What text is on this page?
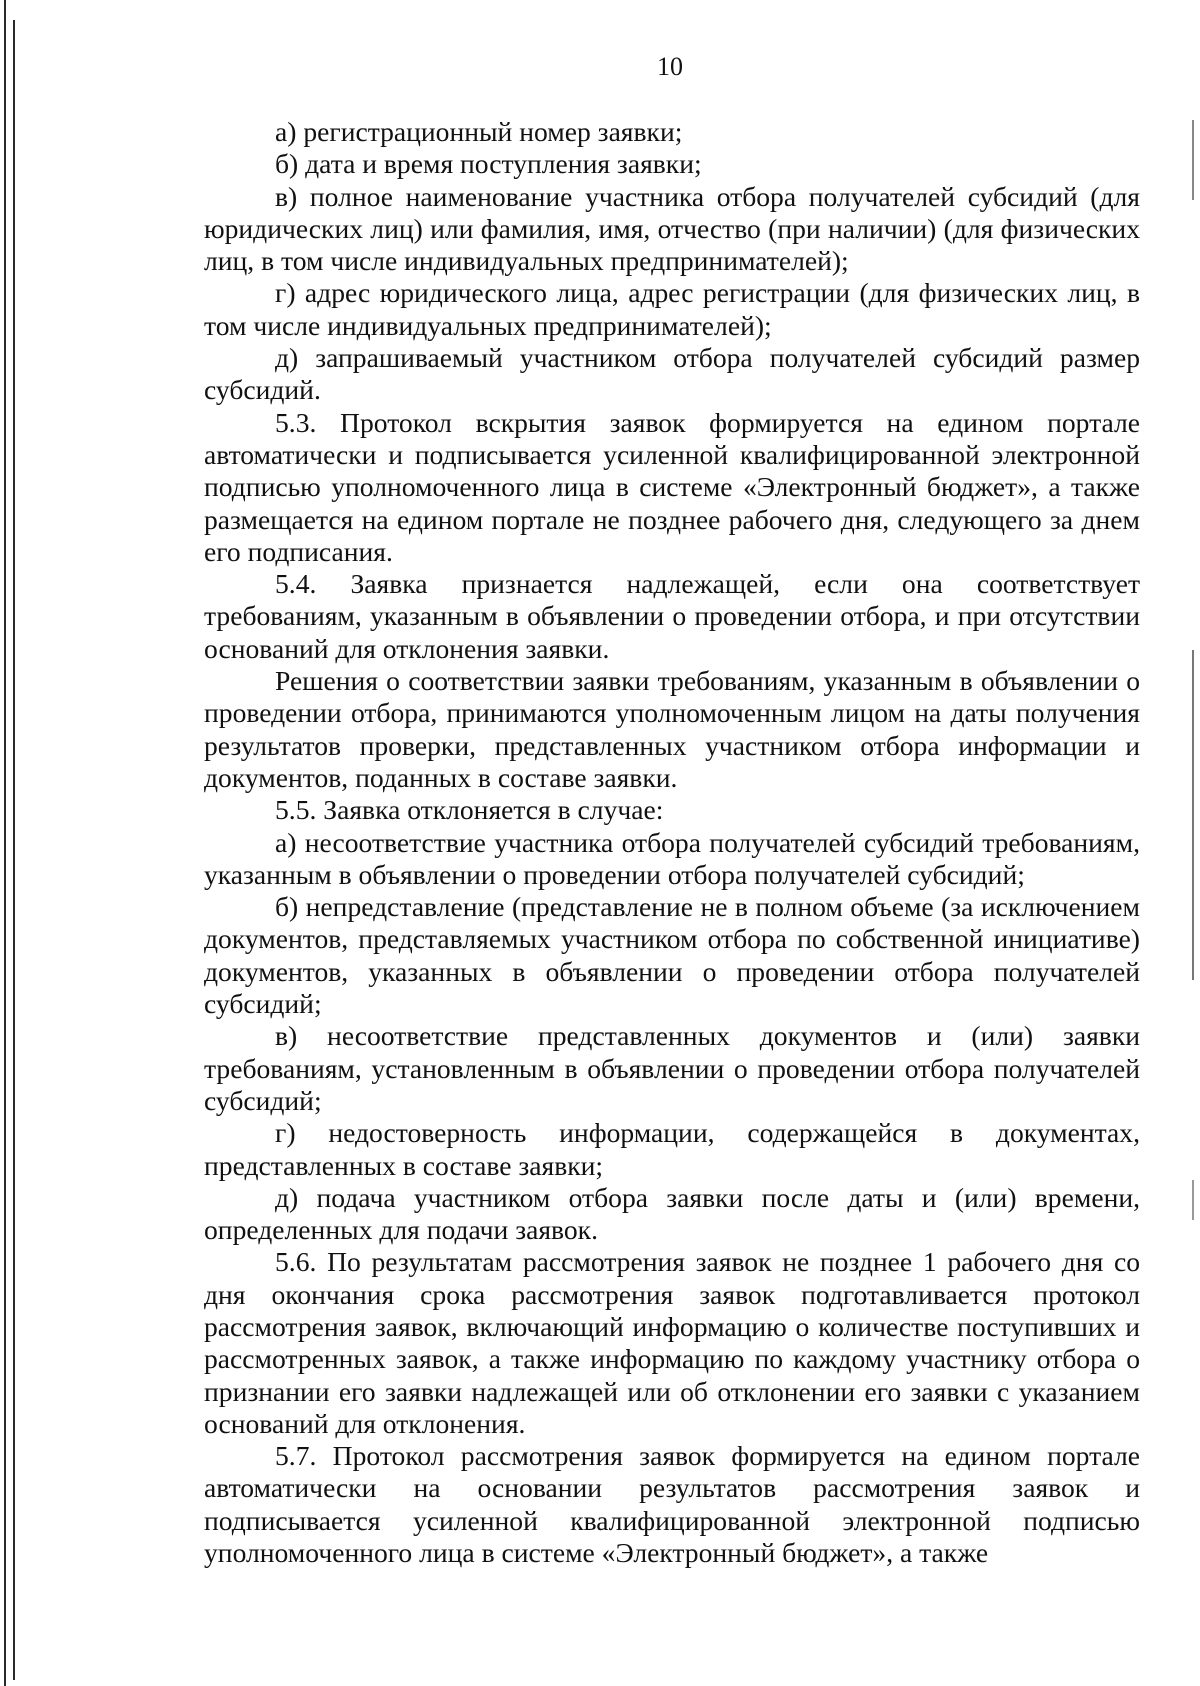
10

а) регистрационный номер заявки;

б) дата и время поступления заявки;

в) полное наименование участника отбора получателей субсидий (для юридических лиц) или фамилия, имя, отчество (при наличии) (для физических лиц, в том числе индивидуальных предпринимателей);

г) адрес юридического лица, адрес регистрации (для физических лиц, в том числе индивидуальных предпринимателей);

д) запрашиваемый участником отбора получателей субсидий размер субсидий.

5.3. Протокол вскрытия заявок формируется на едином портале автоматически и подписывается усиленной квалифицированной электронной подписью уполномоченного лица в системе «Электронный бюджет», а также размещается на едином портале не позднее рабочего дня, следующего за днем его подписания.

5.4. Заявка признается надлежащей, если она соответствует требованиям, указанным в объявлении о проведении отбора, и при отсутствии оснований для отклонения заявки.

Решения о соответствии заявки требованиям, указанным в объявлении о проведении отбора, принимаются уполномоченным лицом на даты получения результатов проверки, представленных участником отбора информации и документов, поданных в составе заявки.

5.5. Заявка отклоняется в случае:

а) несоответствие участника отбора получателей субсидий требованиям, указанным в объявлении о проведении отбора получателей субсидий;

б) непредставление (представление не в полном объеме (за исключением документов, представляемых участником отбора по собственной инициативе) документов, указанных в объявлении о проведении отбора получателей субсидий;

в) несоответствие представленных документов и (или) заявки требованиям, установленным в объявлении о проведении отбора получателей субсидий;

г) недостоверность информации, содержащейся в документах, представленных в составе заявки;

д) подача участником отбора заявки после даты и (или) времени, определенных для подачи заявок.

5.6. По результатам рассмотрения заявок не позднее 1 рабочего дня со дня окончания срока рассмотрения заявок подготавливается протокол рассмотрения заявок, включающий информацию о количестве поступивших и рассмотренных заявок, а также информацию по каждому участнику отбора о признании его заявки надлежащей или об отклонении его заявки с указанием оснований для отклонения.

5.7. Протокол рассмотрения заявок формируется на едином портале автоматически на основании результатов рассмотрения заявок и подписывается усиленной квалифицированной электронной подписью уполномоченного лица в системе «Электронный бюджет», а также
